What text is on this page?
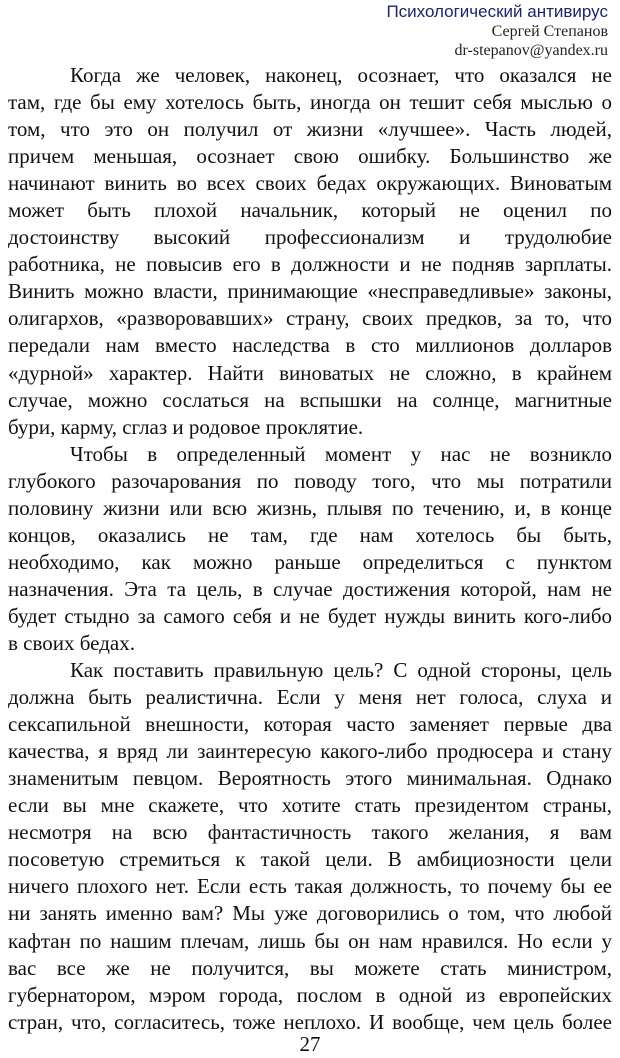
Психологический антивирус
Сергей Степанов
dr-stepanov@yandex.ru
Когда же человек, наконец, осознает, что оказался не
там, где бы ему хотелось быть, иногда он тешит себя мыслью о
том, что это он получил от жизни «лучшее». Часть людей,
причем меньшая, осознает свою ошибку. Большинство же
начинают винить во всех своих бедах окружающих. Виноватым
может быть плохой начальник, который не оценил по
достоинству высокий профессионализм и трудолюбие
работника, не повысив его в должности и не подняв зарплаты.
Винить можно власти, принимающие «несправедливые» законы,
олигархов, «разворовавших» страну, своих предков, за то, что
передали нам вместо наследства в сто миллионов долларов
«дурной» характер. Найти виноватых не сложно, в крайнем
случае, можно сослаться на вспышки на солнце, магнитные
бури, карму, сглаз и родовое проклятие.
Чтобы в определенный момент у нас не возникло
глубокого разочарования по поводу того, что мы потратили
половину жизни или всю жизнь, плывя по течению, и, в конце
концов, оказались не там, где нам хотелось бы быть,
необходимо, как можно раньше определиться с пунктом
назначения. Эта та цель, в случае достижения которой, нам не
будет стыдно за самого себя и не будет нужды винить кого-либо
в своих бедах.
Как поставить правильную цель? С одной стороны, цель
должна быть реалистична. Если у меня нет голоса, слуха и
сексапильной внешности, которая часто заменяет первые два
качества, я вряд ли заинтересую какого-либо продюсера и стану
знаменитым певцом. Вероятность этого минимальная. Однако
если вы мне скажете, что хотите стать президентом страны,
несмотря на всю фантастичность такого желания, я вам
посоветую стремиться к такой цели. В амбициозности цели
ничего плохого нет. Если есть такая должность, то почему бы ее
ни занять именно вам? Мы уже договорились о том, что любой
кафтан по нашим плечам, лишь бы он нам нравился. Но если у
вас все же не получится, вы можете стать министром,
губернатором, мэром города, послом в одной из европейских
стран, что, согласитесь, тоже неплохо. И вообще, чем цель более
27
